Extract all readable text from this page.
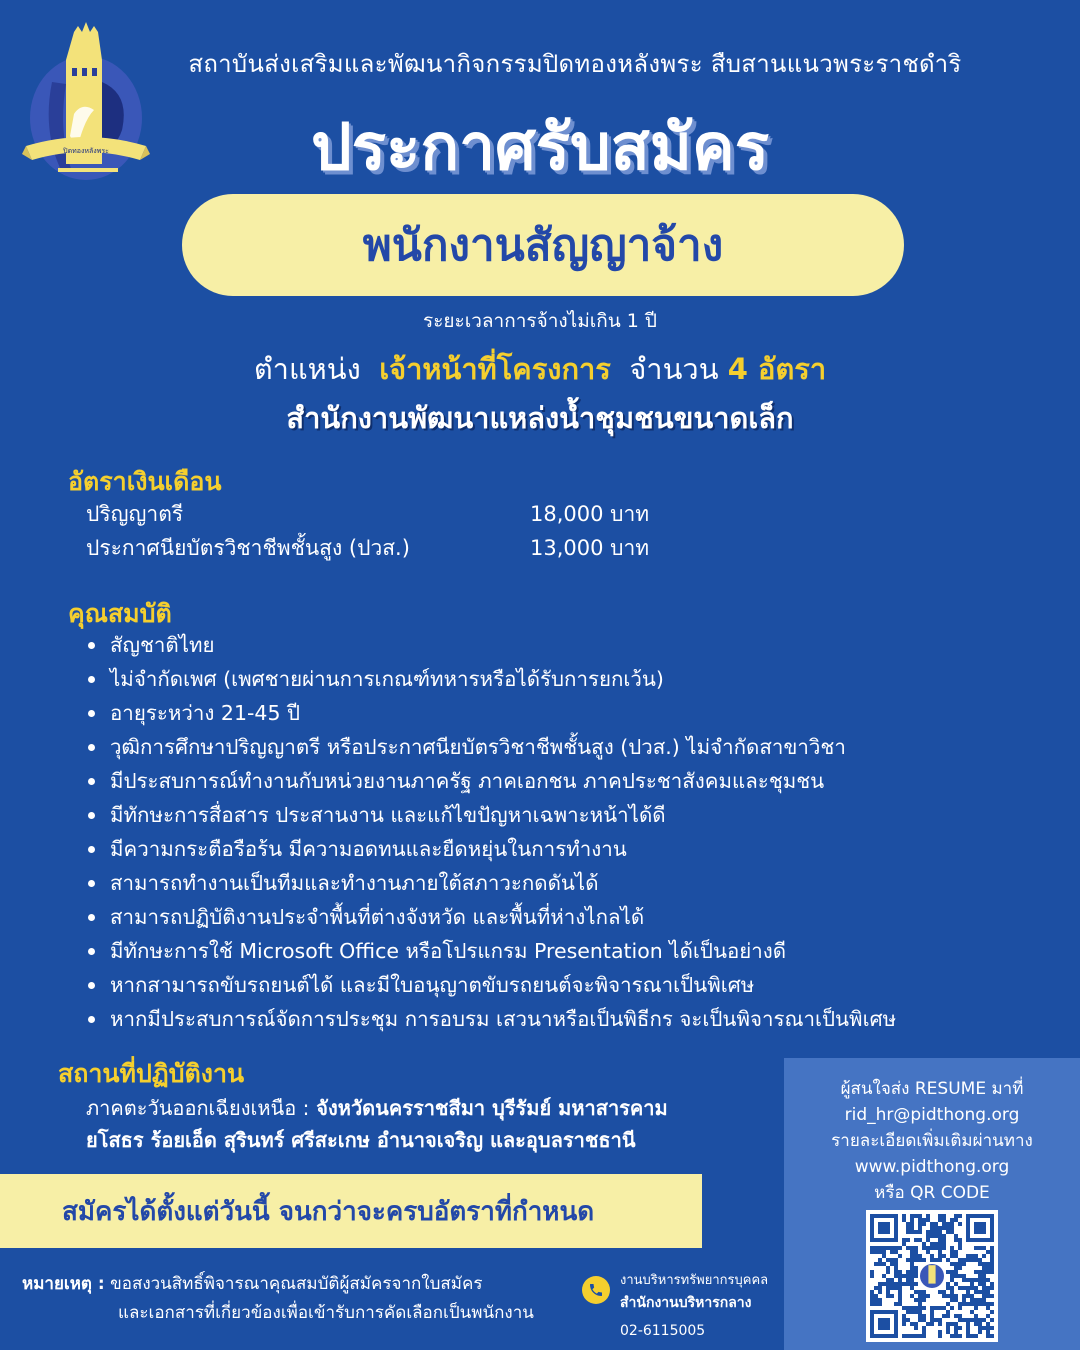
ปิดทองหลังพระ
สถาบันส่งเสริมและพัฒนากิจกรรมปิดทองหลังพระ สืบสานแนวพระราชดำริ
ประกาศรับสมัคร
พนักงานสัญญาจ้าง
ระยะเวลาการจ้างไม่เกิน 1 ปี
ตำแหน่ง เจ้าหน้าที่โครงการ จำนวน 4 อัตรา
สำนักงานพัฒนาแหล่งน้ำชุมชนขนาดเล็ก
อัตราเงินเดือน
ปริญญาตรี	18,000 บาท
ประกาศนียบัตรวิชาชีพชั้นสูง (ปวส.)	13,000 บาท
คุณสมบัติ
สัญชาติไทย
ไม่จำกัดเพศ (เพศชายผ่านการเกณฑ์ทหารหรือได้รับการยกเว้น)
อายุระหว่าง 21-45 ปี
วุฒิการศึกษาปริญญาตรี หรือประกาศนียบัตรวิชาชีพชั้นสูง (ปวส.) ไม่จำกัดสาขาวิชา
มีประสบการณ์ทำงานกับหน่วยงานภาครัฐ ภาคเอกชน ภาคประชาสังคมและชุมชน
มีทักษะการสื่อสาร ประสานงาน และแก้ไขปัญหาเฉพาะหน้าได้ดี
มีความกระตือรือร้น มีความอดทนและยืดหยุ่นในการทำงาน
สามารถทำงานเป็นทีมและทำงานภายใต้สภาวะกดดันได้
สามารถปฏิบัติงานประจำพื้นที่ต่างจังหวัด และพื้นที่ห่างไกลได้
มีทักษะการใช้ Microsoft Office หรือโปรแกรม Presentation ได้เป็นอย่างดี
หากสามารถขับรถยนต์ได้ และมีใบอนุญาตขับรถยนต์จะพิจารณาเป็นพิเศษ
หากมีประสบการณ์จัดการประชุม การอบรม เสวนาหรือเป็นพิธีกร จะเป็นพิจารณาเป็นพิเศษ
สถานที่ปฏิบัติงาน
ภาคตะวันออกเฉียงเหนือ : จังหวัดนครราชสีมา บุรีรัมย์ มหาสารคาม
ยโสธร ร้อยเอ็ด สุรินทร์ ศรีสะเกษ อำนาจเจริญ และอุบลราชธานี
สมัครได้ตั้งแต่วันนี้ จนกว่าจะครบอัตราที่กำหนด
หมายเหตุ : ขอสงวนสิทธิ์พิจารณาคุณสมบัติผู้สมัครจากใบสมัคร
และเอกสารที่เกี่ยวข้องเพื่อเข้ารับการคัดเลือกเป็นพนักงาน
งานบริหารทรัพยากรบุคคล
สำนักงานบริหารกลาง
02-6115005
ผู้สนใจส่ง RESUME มาที่
rid_hr@pidthong.org
รายละเอียดเพิ่มเติมผ่านทาง
www.pidthong.org
หรือ QR CODE
